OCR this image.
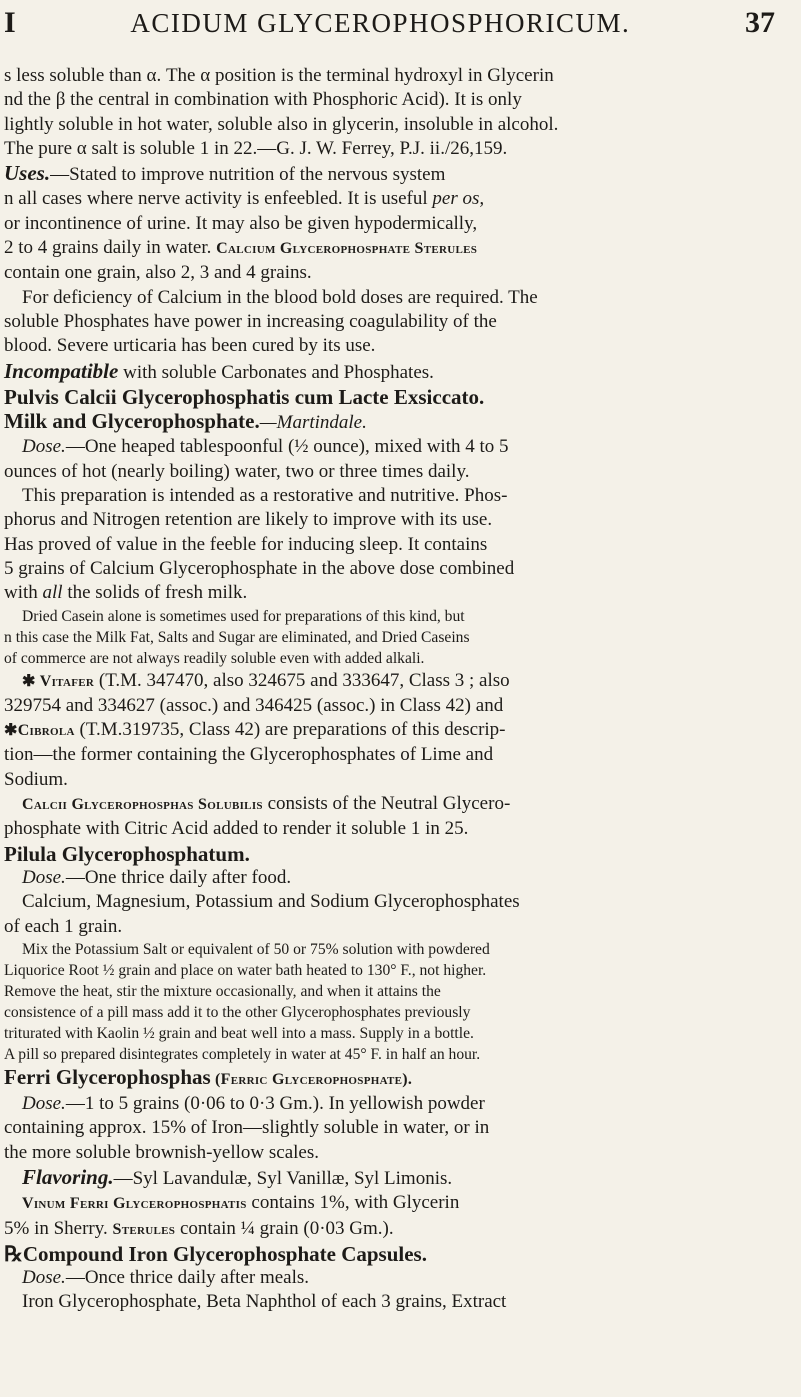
I	ACIDUM GLYCEROPHOSPHORICUM.	37

s less soluble than α. The α position is the terminal hydroxyl in Glycerin

nd the β the central in combination with Phosphoric Acid). It is only

lightly soluble in hot water, soluble also in glycerin, insoluble in alcohol.

The pure α salt is soluble 1 in 22.—G. J. W. Ferrey, P.J. ii./26,159.

Uses.—Stated to improve nutrition of the nervous system

n all cases where nerve activity is enfeebled. It is useful per os,

or incontinence of urine. It may also be given hypodermically,

2 to 4 grains daily in water. Calcium Glycerophosphate Sterules

contain one grain, also 2, 3 and 4 grains.

For deficiency of Calcium in the blood bold doses are required. The

soluble Phosphates have power in increasing coagulability of the

blood. Severe urticaria has been cured by its use.

Incompatible with soluble Carbonates and Phosphates.

Pulvis Calcii Glycerophosphatis cum Lacte Exsiccato.

Milk and Glycerophosphate.—Martindale.

Dose.—One heaped tablespoonful (½ ounce), mixed with 4 to 5

ounces of hot (nearly boiling) water, two or three times daily.

This preparation is intended as a restorative and nutritive. Phos-

phorus and Nitrogen retention are likely to improve with its use.

Has proved of value in the feeble for inducing sleep. It contains

5 grains of Calcium Glycerophosphate in the above dose combined

with all the solids of fresh milk.

Dried Casein alone is sometimes used for preparations of this kind, but

n this case the Milk Fat, Salts and Sugar are eliminated, and Dried Caseins

of commerce are not always readily soluble even with added alkali.

✱ Vitafer (T.M. 347470, also 324675 and 333647, Class 3 ; also

329754 and 334627 (assoc.) and 346425 (assoc.) in Class 42) and

✱Cibrola (T.M.319735, Class 42) are preparations of this descrip-

tion—the former containing the Glycerophosphates of Lime and

Sodium.

Calcii Glycerophosphas Solubilis consists of the Neutral Glycero-

phosphate with Citric Acid added to render it soluble 1 in 25.

Pilula Glycerophosphatum.

Dose.—One thrice daily after food.

Calcium, Magnesium, Potassium and Sodium Glycerophosphates

of each 1 grain.

Mix the Potassium Salt or equivalent of 50 or 75% solution with powdered

Liquorice Root ½ grain and place on water bath heated to 130° F., not higher.

Remove the heat, stir the mixture occasionally, and when it attains the

consistence of a pill mass add it to the other Glycerophosphates previously

triturated with Kaolin ½ grain and beat well into a mass. Supply in a bottle.

A pill so prepared disintegrates completely in water at 45° F. in half an hour.

Ferri Glycerophosphas (Ferric Glycerophosphate).

Dose.—1 to 5 grains (0·06 to 0·3 Gm.). In yellowish powder

containing approx. 15% of Iron—slightly soluble in water, or in

the more soluble brownish-yellow scales.

Flavoring.—Syl Lavandulæ, Syl Vanillæ, Syl Limonis.

Vinum Ferri Glycerophosphatis contains 1%, with Glycerin

5% in Sherry. Sterules contain ¼ grain (0·03 Gm.).

℞Compound Iron Glycerophosphate Capsules.

Dose.—Once thrice daily after meals.

Iron Glycerophosphate, Beta Naphthol of each 3 grains, Extract
